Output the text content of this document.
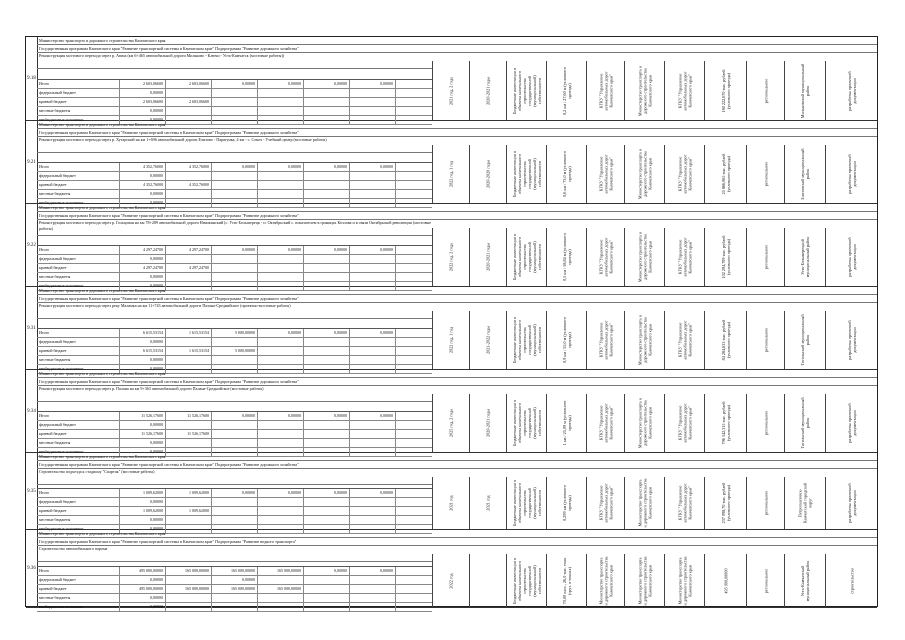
9.18
Министерство транспорта и дорожного строительства Камчатского края
Государственная программа Камчатского края "Развитие транспортной системы в Камчатском крае" Подпрограмма "Развитие дорожного хозяйства"
Реконструкция мостового перехода через р. Авача (км 6+465 автомобильной дороги Мильково - Ключи - Усть-Камчатск (мостовые работы))
Итого	2 603,06600	2 603,06600	0,00000	0,00000	0,00000	0,00000
федеральный бюджет	0,00000
краевой бюджет	2 603,06600	2 603,06600
местные бюджеты	0,00000
внебюджетные источники	0,00000
2021 год, 2 года	2020-2021 годы	Бюджетные инвестиции в объекты капитального строительства государственной (муниципальной) собственности	0,2 км / 27,60 м (условного проезда)	КГКУ "Управление автомобильных дорог Камчатского края"	Министерство транспорта и дорожного строительства Камчатского края	КГКУ "Управление автомобильных дорог Камчатского края"	180 222,670 тыс. рублей (условного проезда)	региональное	Мильковский муниципальный район	разработка проектной документации
9.21
Министерство транспорта и дорожного строительства Камчатского края
Государственная программа Камчатского края "Развитие транспортной системы в Камчатском крае" Подпрограмма "Развитие дорожного хозяйства"
Реконструкция мостового перехода через р. Хутарский на км 1+696 автомобильной дороги Елизово - Паратунка, 4 км - с. Сокоч - Учебный центр (мостовые работы)
Итого	4 352,76000	4 352,76000	0,00000	0,00000	0,00000	0,00000
федеральный бюджет	0,00000
краевой бюджет	4 352,76000	4 352,76000
местные бюджеты	0,00000
внебюджетные источники	0,00000
2022 год, 1 год	2020-2020 годы	Бюджетные инвестиции в объекты капитального строительства государственной (муниципальной) собственности	0,6 км / 73,0 м (условного проезда)	КГКУ "Управление автомобильных дорог Камчатского края"	Министерство транспорта и дорожного строительства Камчатского края	КГКУ "Управление автомобильных дорог Камчатского края"	25 866,065 тыс. рублей (условного проезда)	региональное	Елизовский муниципальный район	разработка проектной документации
9.22
Министерство транспорта и дорожного строительства Камчатского края
Государственная программа Камчатского края "Развитие транспортной системы в Камчатском крае" Подпрограмма "Развитие дорожного хозяйства"
Реконструкция мостового перехода через р. Гольцовая на км 78+289 автомобильной дороги Начикинский (с. Усть-Большерецк - п. Октябрьский с. показателем в границах Козлова и в связи Октябрьской революции (мостовые работы)
Итого	4 297,24700	4 297,24700	0,00000	0,00000	0,00000	0,00000
федеральный бюджет	0,00000
краевой бюджет	4 297,24700	4 297,24700
местные бюджеты	0,00000
внебюджетные источники	0,00000
2022 год, 2 года	2020-2021 годы	Бюджетные инвестиции в объекты капитального строительства государственной (муниципальной) собственности	0,5 км / 58,84 м (условного проезда)	КГКУ "Управление автомобильных дорог Камчатского края"	Министерство транспорта и дорожного строительства Камчатского края	КГКУ "Управление автомобильных дорог Камчатского края"	102 294,709 тыс. рублей (условного проезда)	региональное	Усть-Большерецкий муниципальный район	разработка проектной документации
9.31
Министерство транспорта и дорожного строительства Камчатского края
Государственная программа Камчатского края "Развитие транспортной системы в Камчатском крае" Подпрограмма "Развитие дорожного хозяйства"
Реконструкция мостового перехода через реку Маламка на км 11+743 автомобильной дороги Палана-Среднийское (проектно-мостовые работы)
Итого	6 615,53154	1 615,53154	5 000,00000	0,00000	0,00000	0,00000
федеральный бюджет	0,00000
краевой бюджет	6 615,53154	1 615,53154	5 000,00000
местные бюджеты	0,00000
внебюджетные источники	0,00000
2022 год, 1 год	2021-2022 годы	Бюджетные инвестиции в объекты капитального строительства государственной (муниципальной) собственности	0,9 км / 55,0 м (условного проезда)	КГКУ "Управление автомобильных дорог Камчатского края"	Министерство транспорта и дорожного строительства Камчатского края	КГКУ "Управление автомобильных дорог Камчатского края"	84 284,633 тыс. рублей (условного проезда)	региональное	Тигильский муниципальный район	разработка проектной документации
9.34
Министерство транспорта и дорожного строительства Камчатского края
Государственная программа Камчатского края "Развитие транспортной системы в Камчатском крае" Подпрограмма "Развитие дорожного хозяйства"
Реконструкция мостового перехода через р. Палана на км 9+363 автомобильной дороги Палана-Среднийское (мостовые работы)
Итого	11 526,17600	11 526,17600	0,00000	0,00000	0,00000	0,00000
федеральный бюджет	0,00000
краевой бюджет	11 526,17600	11 526,17600
местные бюджеты	0,00000
внебюджетные источники	0,00000
2025 год, 2 года	2020-2021 годы	Бюджетные инвестиции в объекты капитального строительства государственной (муниципальной) собственности	1 км / 25,09 м (условного проезда)	КГКУ "Управление автомобильных дорог Камчатского края"	Министерство транспорта и дорожного строительства Камчатского края	КГКУ "Управление автомобильных дорог Камчатского края"	796 342,315 тыс. рублей (условного проезда)	региональное	Тигильский муниципальный район	разработка проектной документации
9.35
Министерство транспорта и дорожного строительства Камчатского края
Государственная программа Камчатского края "Развитие транспортной системы в Камчатском крае" Подпрограмма "Развитие дорожного хозяйства"
Строительство подъезда к стадиону "Спартак" (мостовые работы)
Итого	1 009,62000	1 009,62000	0,00000	0,00000	0,00000	0,00000
федеральный бюджет	0,00000
краевой бюджет	1 009,62000	1 009,62000
местные бюджеты	0,00000
внебюджетные источники	0,00000
2021 год	2021 год	Бюджетные инвестиции в объекты капитального строительства государственной (муниципальной) собственности	0,299 км (условного проезда)	КГКУ "Управление автомобильных дорог Камчатского края"	Министерство транспорта и дорожного строительства Камчатского края	КГКУ "Управление автомобильных дорог Камчатского края"	237 098,70 тыс. рублей (условного проезда)	региональное	Петропавловск-Камчатский городской округ	разработка проектной документации
9.36
Министерство транспорта и дорожного строительства Камчатского края
Государственная программа Камчатского края "Развитие транспортной системы в Камчатском крае" Подпрограмма "Развитие водного транспорта"
Строительство автомобильного парома
Итого	495 000,00000	165 000,00000	165 000,00000	165 000,00000	0,00000	0,00000
федеральный бюджет	0,00000	0,00000
краевой бюджет	495 000,00000	165 000,00000	165 000,00000	165 000,00000
местные бюджеты	0,00000
внебюджетные источники	0,00000
2022 год	Бюджетные инвестиции в объекты капитального строительства государственной (муниципальной) собственности	70,00 пасс., 26,0 тыс. тонн (груз. в тоннах)	Министерство транспорта и дорожного строительства Камчатского края	Министерство транспорта и дорожного строительства Камчатского края	Министерство транспорта и дорожного строительства Камчатского края	495 000,00000	региональное	Усть-Камчатский муниципальный район	строительство
